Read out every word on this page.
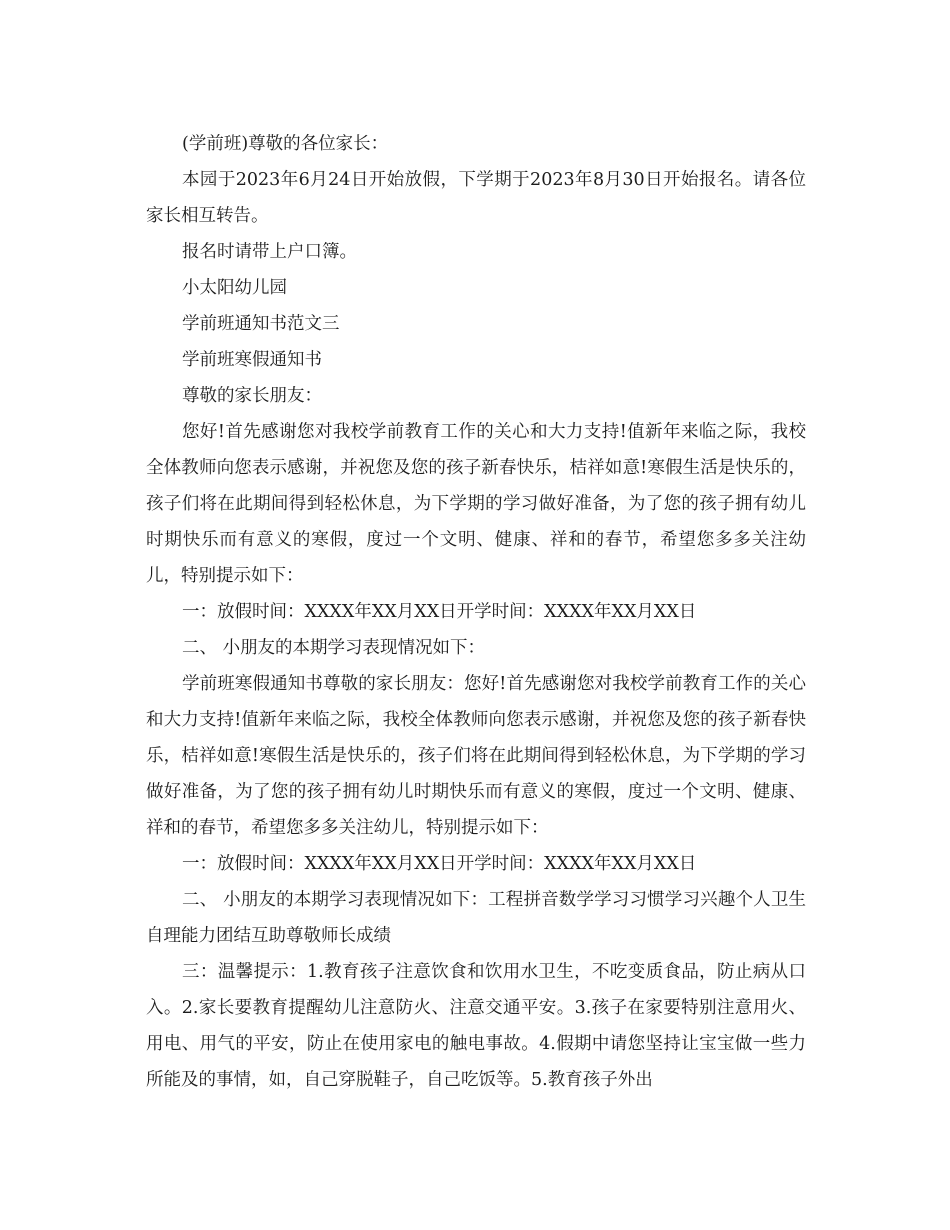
(学前班)尊敬的各位家长：

本园于2023年6月24日开始放假，下学期于2023年8月30日开始报名。请各位家长相互转告。

报名时请带上户口簿。

小太阳幼儿园

学前班通知书范文三

学前班寒假通知书

尊敬的家长朋友：

您好!首先感谢您对我校学前教育工作的关心和大力支持!值新年来临之际，我校全体教师向您表示感谢，并祝您及您的孩子新春快乐，桔祥如意!寒假生活是快乐的，孩子们将在此期间得到轻松休息，为下学期的学习做好准备，为了您的孩子拥有幼儿时期快乐而有意义的寒假，度过一个文明、健康、祥和的春节，希望您多多关注幼儿，特别提示如下：

一：放假时间：XXXX年XX月XX日开学时间：XXXX年XX月XX日

二、 小朋友的本期学习表现情况如下：

学前班寒假通知书尊敬的家长朋友：您好!首先感谢您对我校学前教育工作的关心和大力支持!值新年来临之际，我校全体教师向您表示感谢，并祝您及您的孩子新春快乐，桔祥如意!寒假生活是快乐的，孩子们将在此期间得到轻松休息，为下学期的学习做好准备，为了您的孩子拥有幼儿时期快乐而有意义的寒假，度过一个文明、健康、祥和的春节，希望您多多关注幼儿，特别提示如下：

一：放假时间：XXXX年XX月XX日开学时间：XXXX年XX月XX日

二、 小朋友的本期学习表现情况如下：工程拼音数学学习习惯学习兴趣个人卫生自理能力团结互助尊敬师长成绩

三：温馨提示：1.教育孩子注意饮食和饮用水卫生，不吃变质食品，防止病从口入。2.家长要教育提醒幼儿注意防火、注意交通平安。3.孩子在家要特别注意用火、用电、用气的平安，防止在使用家电的触电事故。4.假期中请您坚持让宝宝做一些力所能及的事情，如，自己穿脱鞋子，自己吃饭等。5.教育孩子外出
